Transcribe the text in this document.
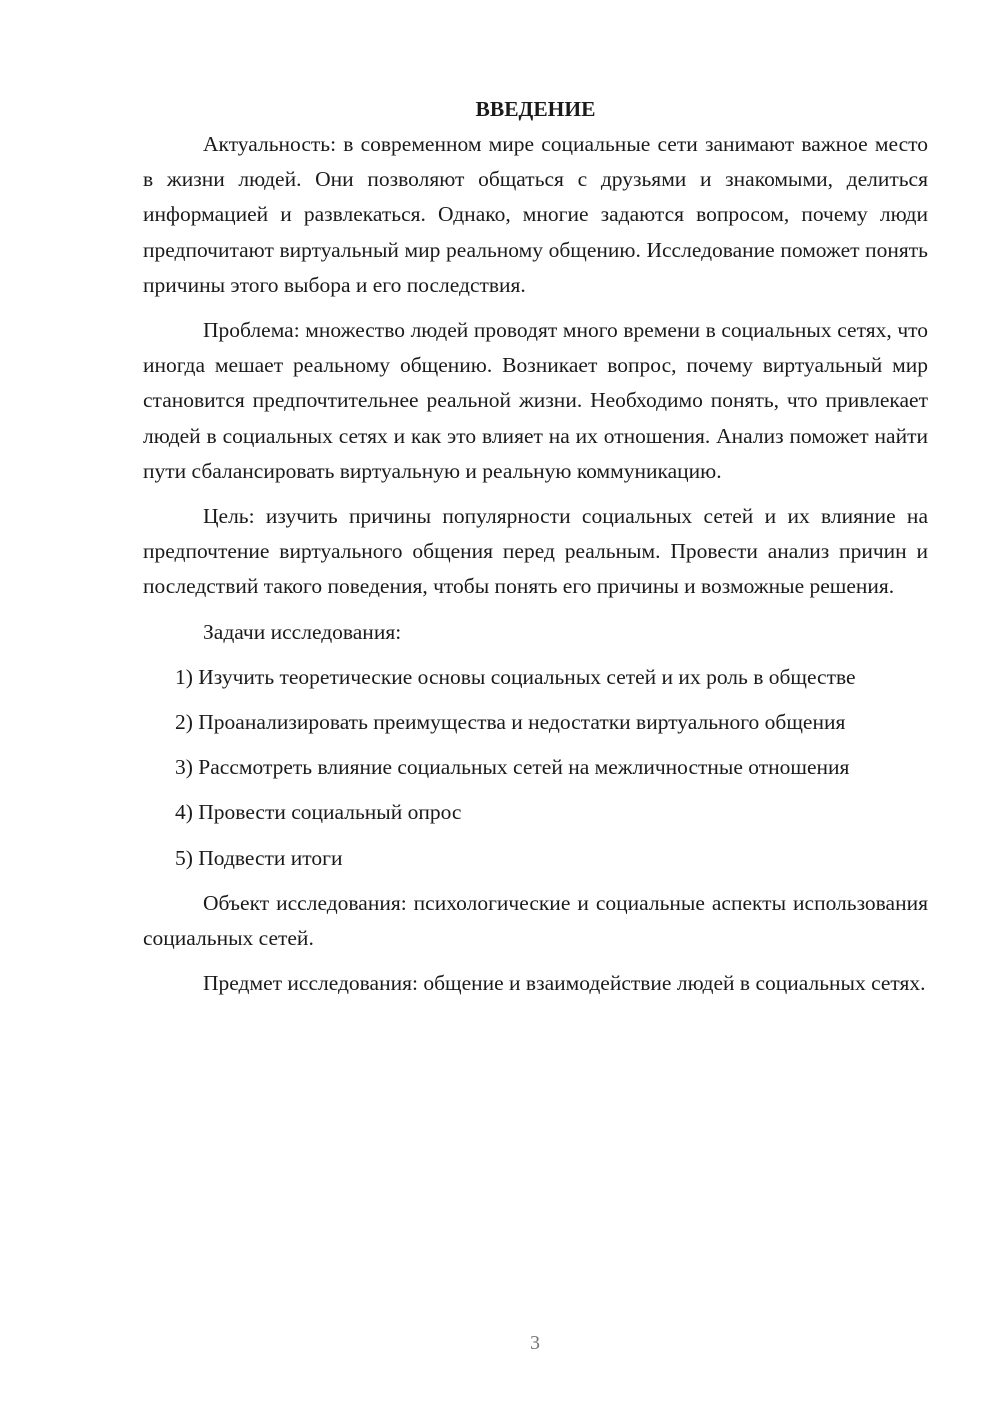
ВВЕДЕНИЕ

Актуальность: в современном мире социальные сети занимают важное место в жизни людей. Они позволяют общаться с друзьями и знакомыми, делиться информацией и развлекаться. Однако, многие задаются вопросом, почему люди предпочитают виртуальный мир реальному общению. Исследование поможет понять причины этого выбора и его последствия.

Проблема: множество людей проводят много времени в социальных сетях, что иногда мешает реальному общению. Возникает вопрос, почему виртуальный мир становится предпочтительнее реальной жизни. Необходимо понять, что привлекает людей в социальных сетях и как это влияет на их отношения. Анализ поможет найти пути сбалансировать виртуальную и реальную коммуникацию.

Цель: изучить причины популярности социальных сетей и их влияние на предпочтение виртуального общения перед реальным. Провести анализ причин и последствий такого поведения, чтобы понять его причины и возможные решения.

Задачи исследования:

1) Изучить теоретические основы социальных сетей и их роль в обществе

2) Проанализировать преимущества и недостатки виртуального общения

3) Рассмотреть влияние социальных сетей на межличностные отношения

4) Провести социальный опрос

5) Подвести итоги

Объект исследования: психологические и социальные аспекты использования социальных сетей.

Предмет исследования: общение и взаимодействие людей в социальных сетях.

3
